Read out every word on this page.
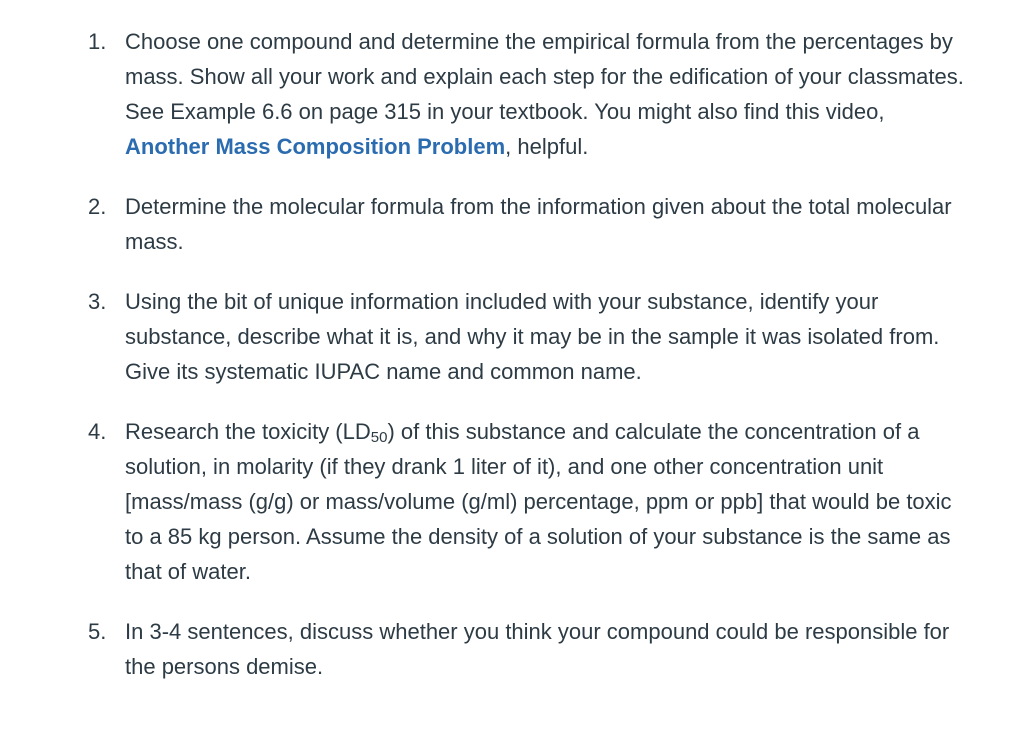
1. Choose one compound and determine the empirical formula from the percentages by mass. Show all your work and explain each step for the edification of your classmates. See Example 6.6 on page 315 in your textbook. You might also find this video, Another Mass Composition Problem, helpful.
2. Determine the molecular formula from the information given about the total molecular mass.
3. Using the bit of unique information included with your substance, identify your substance, describe what it is, and why it may be in the sample it was isolated from. Give its systematic IUPAC name and common name.
4. Research the toxicity $(LD_{50})$ of this substance and calculate the concentration of a solution, in molarity (if they drank 1 liter of it), and one other concentration unit [mass/mass (g/g) or mass/volume (g/ml) percentage, ppm or ppb] that would be toxic to a 85 kg person. Assume the density of a solution of your substance is the same as that of water.
5. In 3-4 sentences, discuss whether you think your compound could be responsible for the persons demise.
